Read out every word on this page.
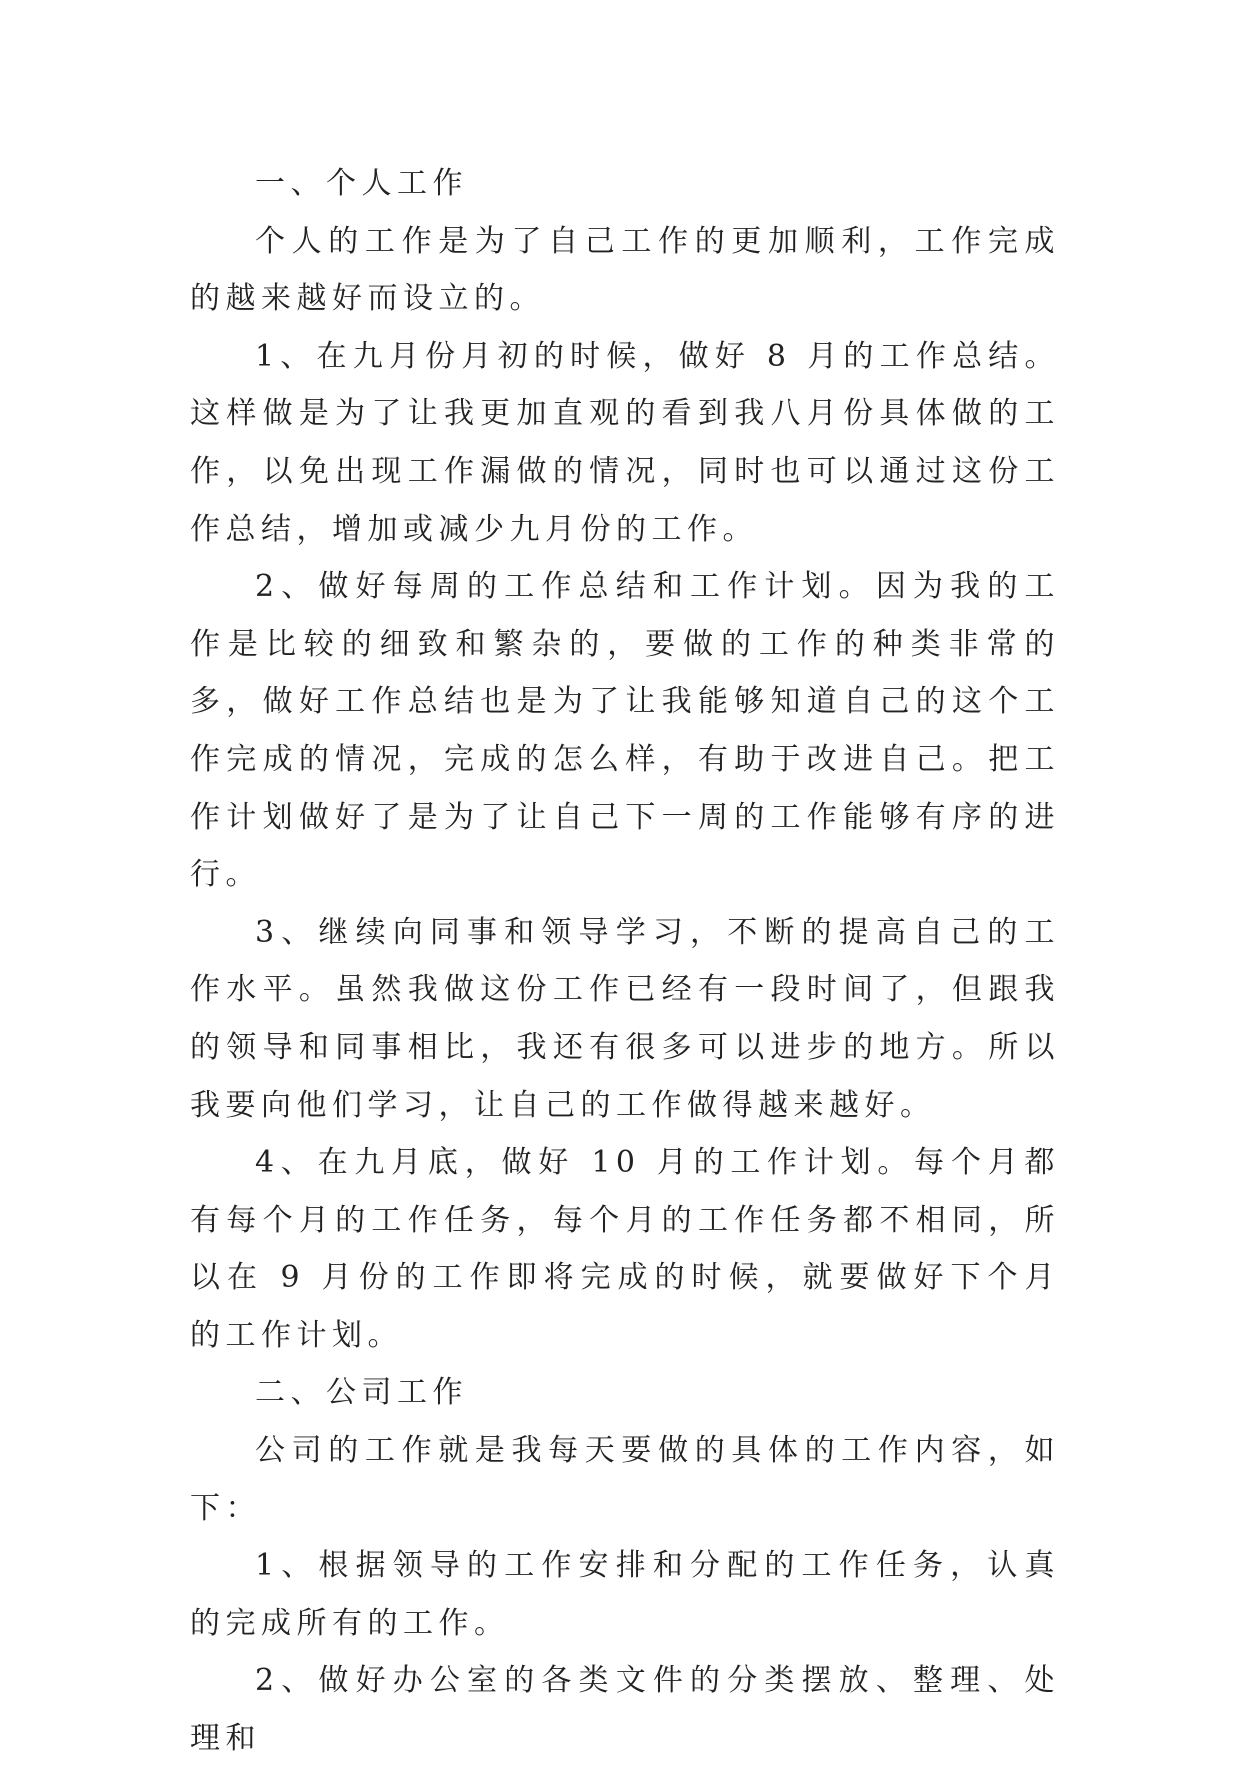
一、个人工作

个人的工作是为了自己工作的更加顺利，工作完成的越来越好而设立的。

1、在九月份月初的时候，做好 8 月的工作总结。这样做是为了让我更加直观的看到我八月份具体做的工作，以免出现工作漏做的情况，同时也可以通过这份工作总结，增加或减少九月份的工作。

2、做好每周的工作总结和工作计划。因为我的工作是比较的细致和繁杂的，要做的工作的种类非常的多，做好工作总结也是为了让我能够知道自己的这个工作完成的情况，完成的怎么样，有助于改进自己。把工作计划做好了是为了让自己下一周的工作能够有序的进行。

3、继续向同事和领导学习，不断的提高自己的工作水平。虽然我做这份工作已经有一段时间了，但跟我的领导和同事相比，我还有很多可以进步的地方。所以我要向他们学习，让自己的工作做得越来越好。

4、在九月底，做好 10 月的工作计划。每个月都有每个月的工作任务，每个月的工作任务都不相同，所以在 9 月份的工作即将完成的时候，就要做好下个月的工作计划。

二、公司工作

公司的工作就是我每天要做的具体的工作内容，如下：

1、根据领导的工作安排和分配的工作任务，认真的完成所有的工作。

2、做好办公室的各类文件的分类摆放、整理、处理和
